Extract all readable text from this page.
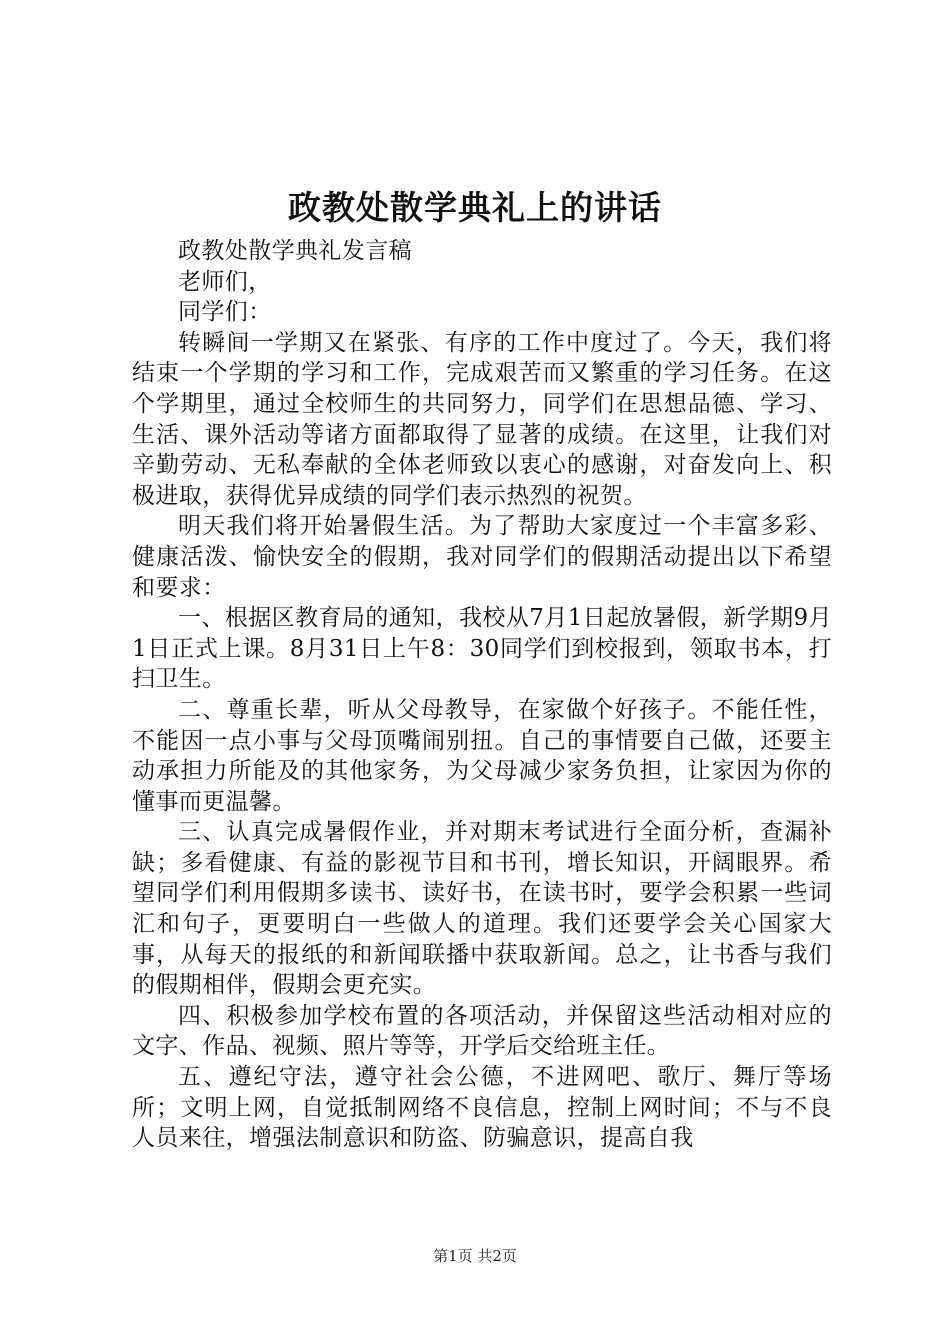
政教处散学典礼上的讲话

政教处散学典礼发言稿

老师们，

同学们：

转瞬间一学期又在紧张、有序的工作中度过了。今天，我们将结束一个学期的学习和工作，完成艰苦而又繁重的学习任务。在这个学期里，通过全校师生的共同努力，同学们在思想品德、学习、生活、课外活动等诸方面都取得了显著的成绩。在这里，让我们对辛勤劳动、无私奉献的全体老师致以衷心的感谢，对奋发向上、积极进取，获得优异成绩的同学们表示热烈的祝贺。

明天我们将开始暑假生活。为了帮助大家度过一个丰富多彩、健康活泼、愉快安全的假期，我对同学们的假期活动提出以下希望和要求：

一、根据区教育局的通知，我校从7月1日起放暑假，新学期9月1日正式上课。8月31日上午8：30同学们到校报到，领取书本，打扫卫生。

二、尊重长辈，听从父母教导，在家做个好孩子。不能任性，不能因一点小事与父母顶嘴闹别扭。自己的事情要自己做，还要主动承担力所能及的其他家务，为父母减少家务负担，让家因为你的懂事而更温馨。

三、认真完成暑假作业，并对期末考试进行全面分析，查漏补缺；多看健康、有益的影视节目和书刊，增长知识，开阔眼界。希望同学们利用假期多读书、读好书，在读书时，要学会积累一些词汇和句子，更要明白一些做人的道理。我们还要学会关心国家大事，从每天的报纸的和新闻联播中获取新闻。总之，让书香与我们的假期相伴，假期会更充实。

四、积极参加学校布置的各项活动，并保留这些活动相对应的文字、作品、视频、照片等等，开学后交给班主任。

五、遵纪守法，遵守社会公德，不进网吧、歌厅、舞厅等场所；文明上网，自觉抵制网络不良信息，控制上网时间；不与不良人员来往，增强法制意识和防盗、防骗意识，提高自我

第1页 共2页
